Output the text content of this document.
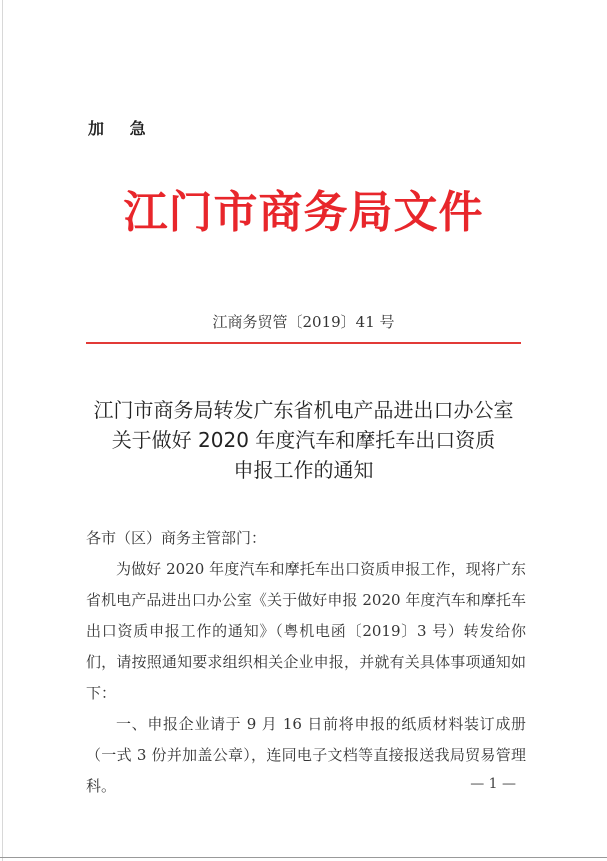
加 急
江门市商务局文件
江商务贸管〔2019〕41 号
江门市商务局转发广东省机电产品进出口办公室
关于做好 2020 年度汽车和摩托车出口资质
申报工作的通知

各市（区）商务主管部门：

为做好 2020 年度汽车和摩托车出口资质申报工作，现将广东省机电产品进出口办公室《关于做好申报 2020 年度汽车和摩托车出口资质申报工作的通知》（粤机电函〔2019〕3 号）转发给你们，请按照通知要求组织相关企业申报，并就有关具体事项通知如下：

一、申报企业请于 9 月 16 日前将申报的纸质材料装订成册（一式 3 份并加盖公章），连同电子文档等直接报送我局贸易管理科。	— 1 —
